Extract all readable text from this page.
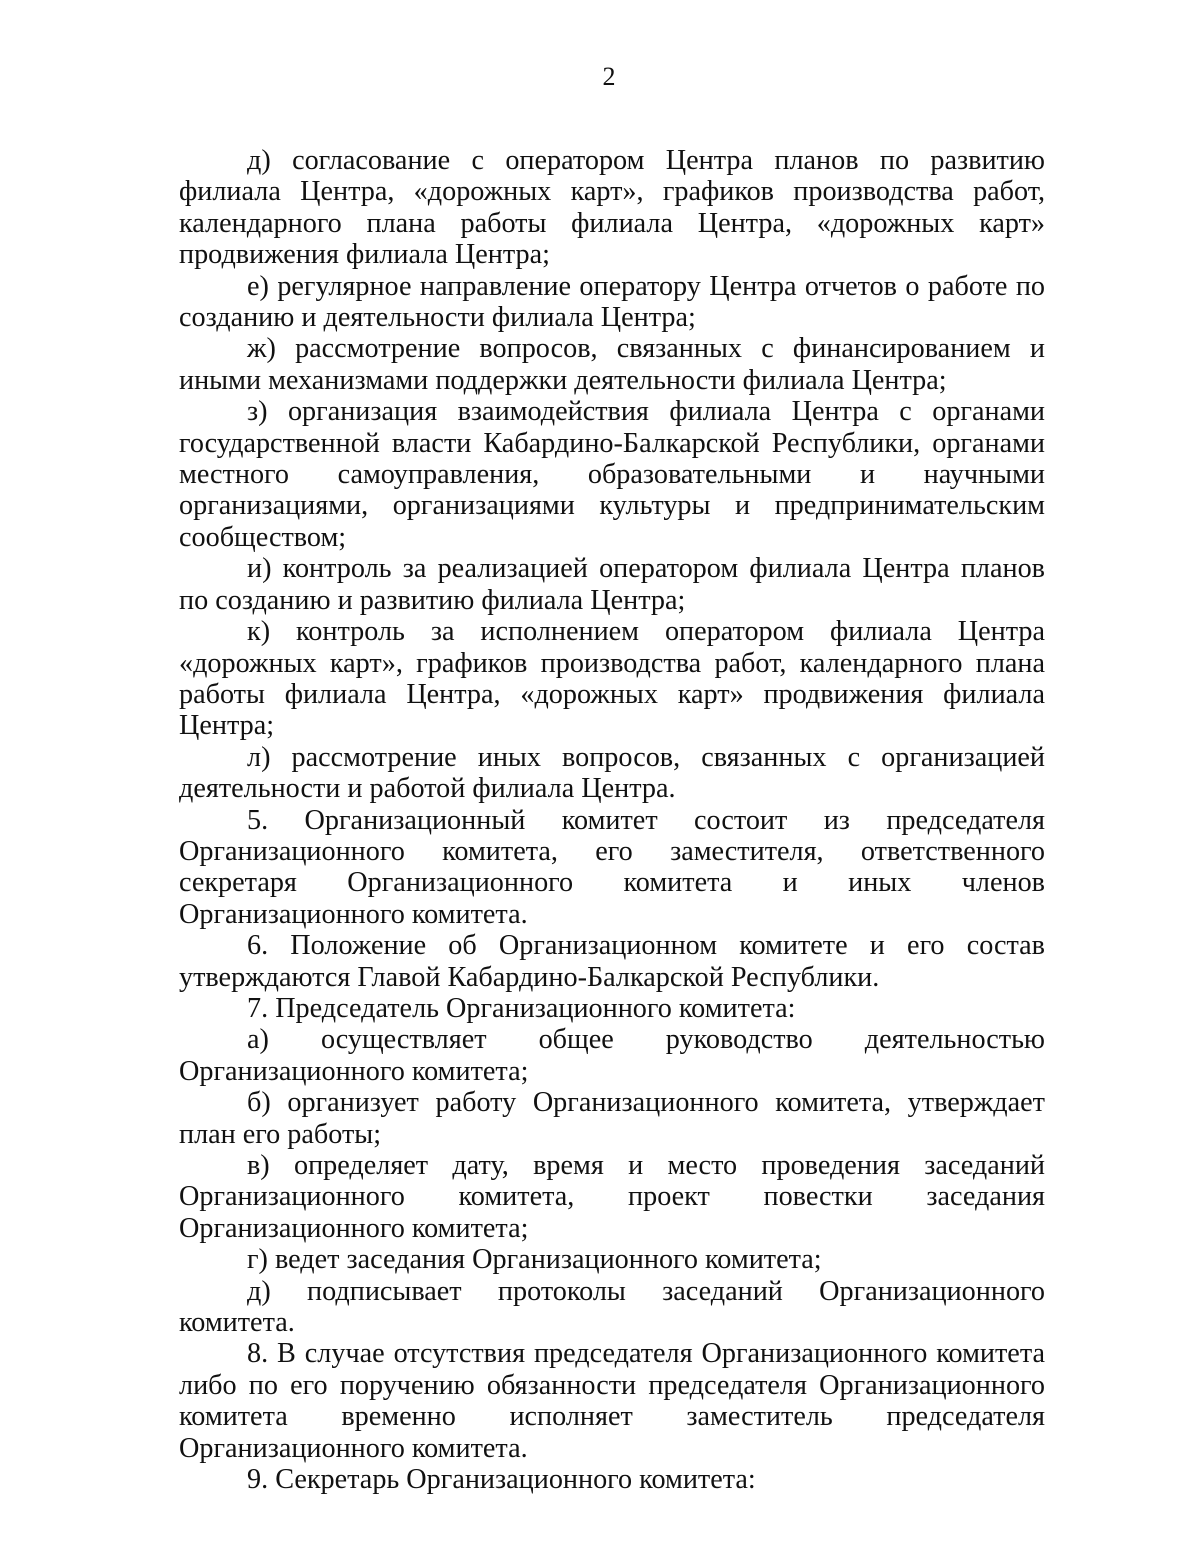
2

д) согласование с оператором Центра планов по развитию филиала Центра, «дорожных карт», графиков производства работ, календарного плана работы филиала Центра, «дорожных карт» продвижения филиала Центра;

е) регулярное направление оператору Центра отчетов о работе по созданию и деятельности филиала Центра;

ж) рассмотрение вопросов, связанных с финансированием и иными механизмами поддержки деятельности филиала Центра;

з) организация взаимодействия филиала Центра с органами государственной власти Кабардино-Балкарской Республики, органами местного самоуправления, образовательными и научными организациями, организациями культуры и предпринимательским сообществом;

и) контроль за реализацией оператором филиала Центра планов по созданию и развитию филиала Центра;

к) контроль за исполнением оператором филиала Центра «дорожных карт», графиков производства работ, календарного плана работы филиала Центра, «дорожных карт» продвижения филиала Центра;

л) рассмотрение иных вопросов, связанных с организацией деятельности и работой филиала Центра.

5. Организационный комитет состоит из председателя Организационного комитета, его заместителя, ответственного секретаря Организационного комитета и иных членов Организационного комитета.

6. Положение об Организационном комитете и его состав утверждаются Главой Кабардино-Балкарской Республики.

7. Председатель Организационного комитета:

а) осуществляет общее руководство деятельностью Организационного комитета;

б) организует работу Организационного комитета, утверждает план его работы;

в) определяет дату, время и место проведения заседаний Организационного комитета, проект повестки заседания Организационного комитета;

г) ведет заседания Организационного комитета;

д) подписывает протоколы заседаний Организационного комитета.

8. В случае отсутствия председателя Организационного комитета либо по его поручению обязанности председателя Организационного комитета временно исполняет заместитель председателя Организационного комитета.

9. Секретарь Организационного комитета:
